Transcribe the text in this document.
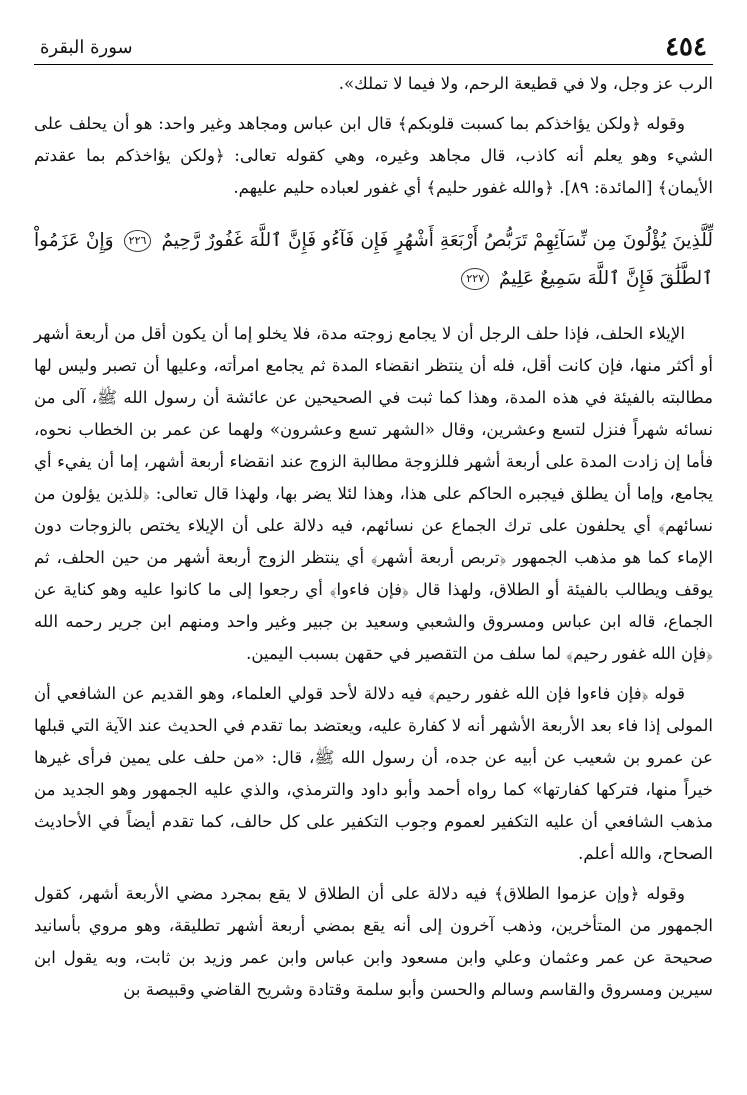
٤٥٤
سورة البقرة

الرب عز وجل، ولا في قطيعة الرحم، ولا فيما لا تملك».

وقوله ﴿ولكن يؤاخذكم بما كسبت قلوبكم﴾ قال ابن عباس ومجاهد وغير واحد: هو أن يحلف على الشيء وهو يعلم أنه كاذب، قال مجاهد وغيره، وهي كقوله تعالى: ﴿ولكن يؤاخذكم بما عقدتم الأيمان﴾ [المائدة: ٨٩]. ﴿والله غفور حليم﴾ أي غفور لعباده حليم عليهم.

لِّلَّذِينَ يُؤْلُونَ مِن نِّسَآئِهِمْ تَرَبُّصُ أَرْبَعَةِ أَشْهُرٍ فَإِن فَآءُو فَإِنَّ ٱللَّهَ غَفُورٌ رَّحِيمٌ ٢٢٦ وَإِنْ عَزَمُواْ ٱلطَّلَٰقَ فَإِنَّ ٱللَّهَ سَمِيعٌ عَلِيمٌ ٢٢٧

الإيلاء الحلف، فإذا حلف الرجل أن لا يجامع زوجته مدة، فلا يخلو إما أن يكون أقل من أربعة أشهر أو أكثر منها، فإن كانت أقل، فله أن ينتظر انقضاء المدة ثم يجامع امرأته، وعليها أن تصبر وليس لها مطالبته بالفيئة في هذه المدة، وهذا كما ثبت في الصحيحين عن عائشة أن رسول الله ﷺ، آلى من نسائه شهراً فنزل لتسع وعشرين، وقال «الشهر تسع وعشرون» ولهما عن عمر بن الخطاب نحوه، فأما إن زادت المدة على أربعة أشهر فللزوجة مطالبة الزوج عند انقضاء أربعة أشهر، إما أن يفيء أي يجامع، وإما أن يطلق فيجبره الحاكم على هذا، وهذا لئلا يضر بها، ولهذا قال تعالى: ﴿للذين يؤلون من نسائهم﴾ أي يحلفون على ترك الجماع عن نسائهم، فيه دلالة على أن الإيلاء يختص بالزوجات دون الإماء كما هو مذهب الجمهور ﴿تربص أربعة أشهر﴾ أي ينتظر الزوج أربعة أشهر من حين الحلف، ثم يوقف ويطالب بالفيئة أو الطلاق، ولهذا قال ﴿فإن فاءوا﴾ أي رجعوا إلى ما كانوا عليه وهو كناية عن الجماع، قاله ابن عباس ومسروق والشعبي وسعيد بن جبير وغير واحد ومنهم ابن جرير رحمه الله ﴿فإن الله غفور رحيم﴾ لما سلف من التقصير في حقهن بسبب اليمين.

قوله ﴿فإن فاءوا فإن الله غفور رحيم﴾ فيه دلالة لأحد قولي العلماء، وهو القديم عن الشافعي أن المولى إذا فاء بعد الأربعة الأشهر أنه لا كفارة عليه، ويعتضد بما تقدم في الحديث عند الآية التي قبلها عن عمرو بن شعيب عن أبيه عن جده، أن رسول الله ﷺ، قال: «من حلف على يمين فرأى غيرها خيراً منها، فتركها كفارتها» كما رواه أحمد وأبو داود والترمذي، والذي عليه الجمهور وهو الجديد من مذهب الشافعي أن عليه التكفير لعموم وجوب التكفير على كل حالف، كما تقدم أيضاً في الأحاديث الصحاح، والله أعلم.

وقوله ﴿وإن عزموا الطلاق﴾ فيه دلالة على أن الطلاق لا يقع بمجرد مضي الأربعة أشهر، كقول الجمهور من المتأخرين، وذهب آخرون إلى أنه يقع بمضي أربعة أشهر تطليقة، وهو مروي بأسانيد صحيحة عن عمر وعثمان وعلي وابن مسعود وابن عباس وابن عمر وزيد بن ثابت، وبه يقول ابن سيرين ومسروق والقاسم وسالم والحسن وأبو سلمة وقتادة وشريح القاضي وقبيصة بن
